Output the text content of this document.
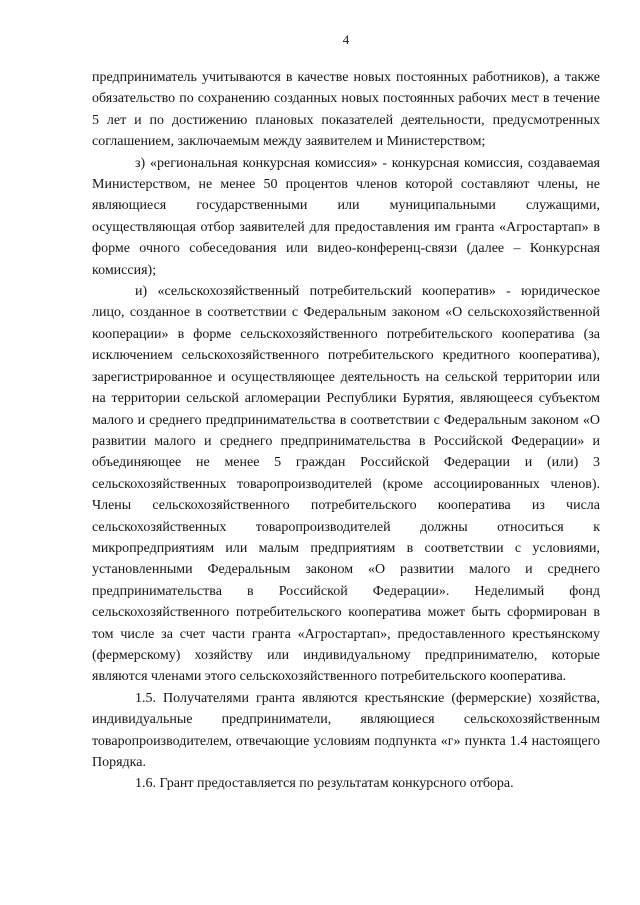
4

предприниматель учитываются в качестве новых постоянных работников), а также обязательство по сохранению созданных новых постоянных рабочих мест в течение 5 лет и по достижению плановых показателей деятельности, предусмотренных соглашением, заключаемым между заявителем и Министерством;

з) «региональная конкурсная комиссия» - конкурсная комиссия, создаваемая Министерством, не менее 50 процентов членов которой составляют члены, не являющиеся государственными или муниципальными служащими, осуществляющая отбор заявителей для предоставления им гранта «Агростартап» в форме очного собеседования или видео-конференц-связи (далее – Конкурсная комиссия);

и) «сельскохозяйственный потребительский кооператив» - юридическое лицо, созданное в соответствии с Федеральным законом «О сельскохозяйственной кооперации» в форме сельскохозяйственного потребительского кооператива (за исключением сельскохозяйственного потребительского кредитного кооператива), зарегистрированное и осуществляющее деятельность на сельской территории или на территории сельской агломерации Республики Бурятия, являющееся субъектом малого и среднего предпринимательства в соответствии с Федеральным законом «О развитии малого и среднего предпринимательства в Российской Федерации» и объединяющее не менее 5 граждан Российской Федерации и (или) 3 сельскохозяйственных товаропроизводителей (кроме ассоциированных членов). Члены сельскохозяйственного потребительского кооператива из числа сельскохозяйственных товаропроизводителей должны относиться к микропредприятиям или малым предприятиям в соответствии с условиями, установленными Федеральным законом «О развитии малого и среднего предпринимательства в Российской Федерации». Неделимый фонд сельскохозяйственного потребительского кооператива может быть сформирован в том числе за счет части гранта «Агростартап», предоставленного крестьянскому (фермерскому) хозяйству или индивидуальному предпринимателю, которые являются членами этого сельскохозяйственного потребительского кооператива.

1.5. Получателями гранта являются крестьянские (фермерские) хозяйства, индивидуальные предприниматели, являющиеся сельскохозяйственным товаропроизводителем, отвечающие условиям подпункта «г» пункта 1.4 настоящего Порядка.

1.6. Грант предоставляется по результатам конкурсного отбора.
